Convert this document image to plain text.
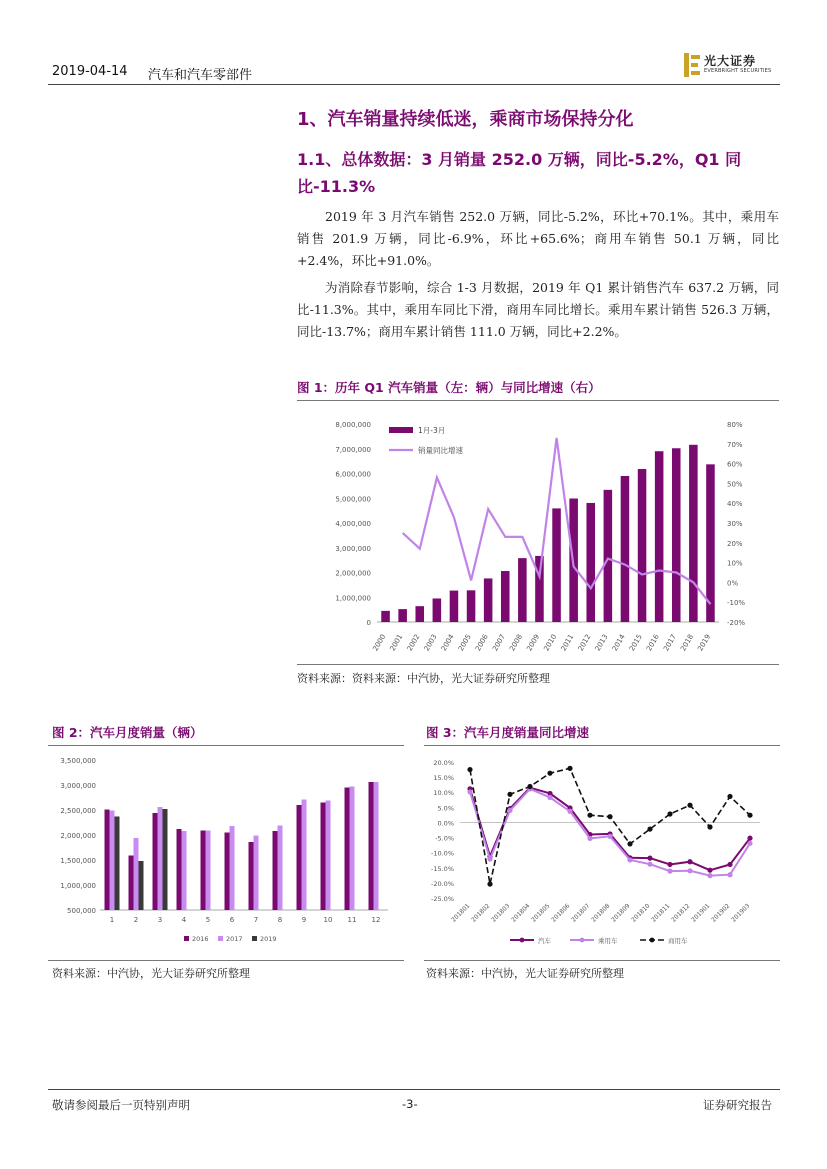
2019-04-14 汽车和汽车零部件
光大证券
EVERBRIGHT SECURITIES
1、汽车销量持续低迷，乘商市场保持分化
1.1、总体数据：3 月销量 252.0 万辆，同比-5.2%，Q1 同比-11.3%

2019 年 3 月汽车销售 252.0 万辆，同比-5.2%，环比+70.1%。其中，乘用车销售 201.9 万辆，同比-6.9%，环比+65.6%；商用车销售 50.1 万辆，同比+2.4%，环比+91.0%。

为消除春节影响，综合 1-3 月数据，2019 年 Q1 累计销售汽车 637.2 万辆，同比-11.3%。其中，乘用车同比下滑，商用车同比增长。乘用车累计销售 526.3 万辆，同比-13.7%；商用车累计销售 111.0 万辆，同比+2.2%。

图 1：历年 Q1 汽车销量（左：辆）与同比增速（右）
0
1,000,000
2,000,000
3,000,000
4,000,000
5,000,000
6,000,000
7,000,000
8,000,000
-20%
-10%
0%
10%
20%
30%
40%
50%
60%
70%
80%
2000 2001 2002 2003 2004 2005 2006 2007 2008 2009 2010 2011 2012 2013 2014 2015 2016 2017 2018 2019
1月-3月
销量同比增速
资料来源：资料来源：中汽协，光大证券研究所整理
图 2：汽车月度销量（辆）
500,000
1,000,000
1,500,000
2,000,000
2,500,000
3,000,000
3,500,000
1	2	3	4	5	6	7	8	9 10 11 12
2016	2017	2019
资料来源：中汽协，光大证券研究所整理
图 3：汽车月度销量同比增速
-25.0%
-20.0%
-15.0%
-10.0%
-5.0%
0.0%
5.0%
10.0%
15.0%
20.0%
201801
201802
201803
201804
201805
201806
201807
201808
201809
201810
201811
201812
201901
201902
201903
汽车	乘用车	商用车
资料来源：中汽协，光大证券研究所整理
敬请参阅最后一页特别声明	-3-	证券研究报告
